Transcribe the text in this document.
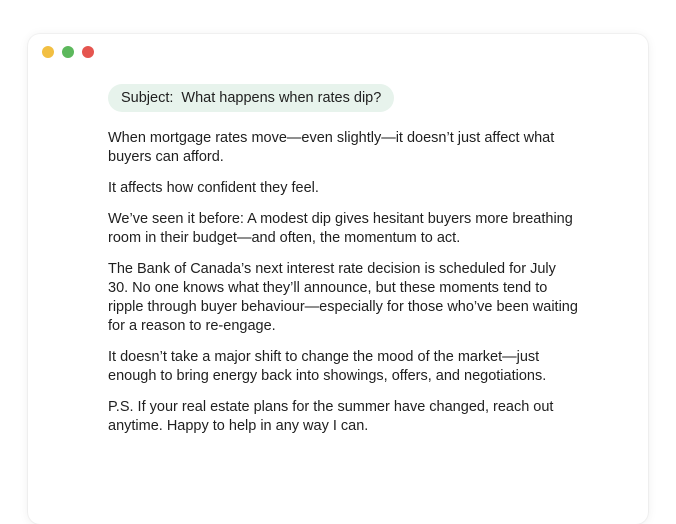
Subject: What happens when rates dip?

When mortgage rates move—even slightly—it doesn’t just affect what buyers can afford.

It affects how confident they feel.

We’ve seen it before: A modest dip gives hesitant buyers more breathing room in their budget—and often, the momentum to act.

The Bank of Canada’s next interest rate decision is scheduled for July 30. No one knows what they’ll announce, but these moments tend to ripple through buyer behaviour—especially for those who’ve been waiting for a reason to re-engage.

It doesn’t take a major shift to change the mood of the market—just enough to bring energy back into showings, offers, and negotiations.

P.S. If your real estate plans for the summer have changed, reach out anytime. Happy to help in any way I can.
